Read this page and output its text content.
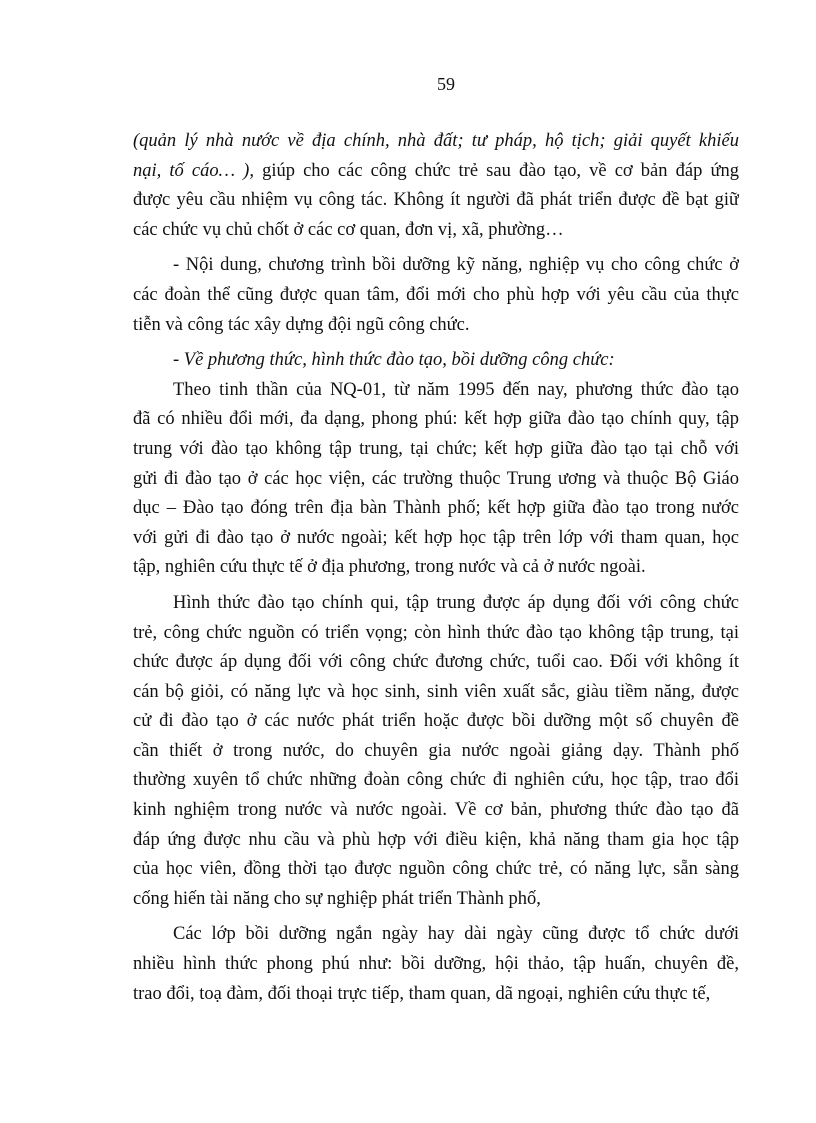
59
(quản lý nhà nước về địa chính, nhà đất; tư pháp, hộ tịch; giải quyết khiếu
nại, tố cáo… ), giúp cho các công chức trẻ sau đào tạo, về cơ bản đáp ứng
được yêu cầu nhiệm vụ công tác. Không ít người đã phát triển được đề bạt giữ
các chức vụ chủ chốt ở các cơ quan, đơn vị, xã, phường…
- Nội dung, chương trình bồi dưỡng kỹ năng, nghiệp vụ cho công chức ở
các đoàn thể cũng được quan tâm, đổi mới cho phù hợp với yêu cầu của thực
tiễn và công tác xây dựng đội ngũ công chức.
- Về phương thức, hình thức đào tạo, bồi dưỡng công chức:
Theo tinh thần của NQ-01, từ năm 1995 đến nay, phương thức đào tạo
đã có nhiều đổi mới, đa dạng, phong phú: kết hợp giữa đào tạo chính quy, tập
trung với đào tạo không tập trung, tại chức; kết hợp giữa đào tạo tại chỗ với
gửi đi đào tạo ở các học viện, các trường thuộc Trung ương và thuộc Bộ Giáo
dục – Đào tạo đóng trên địa bàn Thành phố; kết hợp giữa đào tạo trong nước
với gửi đi đào tạo ở nước ngoài; kết hợp học tập trên lớp với tham quan, học
tập, nghiên cứu thực tế ở địa phương, trong nước và cả ở nước ngoài.
Hình thức đào tạo chính qui, tập trung được áp dụng đối với công chức
trẻ, công chức nguồn có triển vọng; còn hình thức đào tạo không tập trung, tại
chức được áp dụng đối với công chức đương chức, tuổi cao. Đối với không ít
cán bộ giỏi, có năng lực và học sinh, sinh viên xuất sắc, giàu tiềm năng, được
cử đi đào tạo ở các nước phát triển hoặc được bồi dưỡng một số chuyên đề
cần thiết ở trong nước, do chuyên gia nước ngoài giảng dạy. Thành phố
thường xuyên tổ chức những đoàn công chức đi nghiên cứu, học tập, trao đổi
kinh nghiệm trong nước và nước ngoài. Về cơ bản, phương thức đào tạo đã
đáp ứng được nhu cầu và phù hợp với điều kiện, khả năng tham gia học tập
của học viên, đồng thời tạo được nguồn công chức trẻ, có năng lực, sẵn sàng
cống hiến tài năng cho sự nghiệp phát triển Thành phố,
Các lớp bồi dưỡng ngắn ngày hay dài ngày cũng được tổ chức dưới
nhiều hình thức phong phú như: bồi dưỡng, hội thảo, tập huấn, chuyên đề,
trao đổi, toạ đàm, đối thoại trực tiếp, tham quan, dã ngoại, nghiên cứu thực tế,
